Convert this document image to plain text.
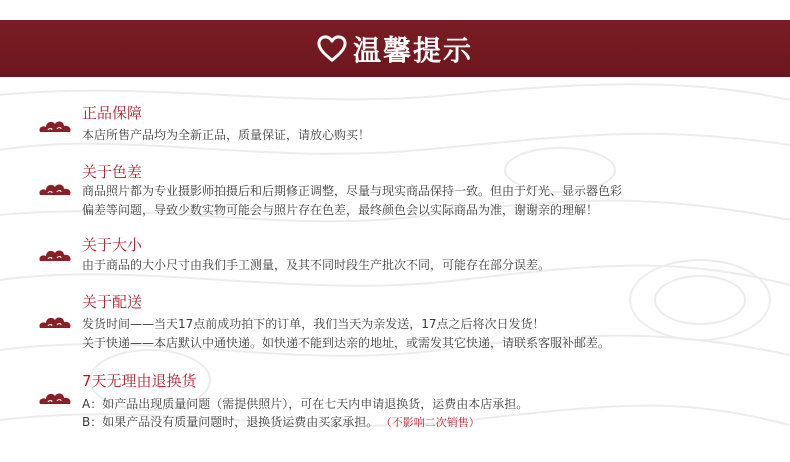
温馨提示
正品保障
本店所售产品均为全新正品，质量保证，请放心购买！
关于色差
商品照片都为专业摄影师拍摄后和后期修正调整，尽量与现实商品保持一致。但由于灯光、显示器色彩
偏差等问题，导致少数实物可能会与照片存在色差，最终颜色会以实际商品为准，谢谢亲的理解！
关于大小
由于商品的大小尺寸由我们手工测量，及其不同时段生产批次不同，可能存在部分误差。
关于配送
发货时间——当天17点前成功拍下的订单，我们当天为亲发送，17点之后将次日发货！
关于快递——本店默认中通快递。如快递不能到达亲的地址，或需发其它快递，请联系客服补邮差。
7天无理由退换货
A：如产品出现质量问题（需提供照片），可在七天内申请退换货，运费由本店承担。
B：如果产品没有质量问题时，退换货运费由买家承担。 （不影响二次销售）
